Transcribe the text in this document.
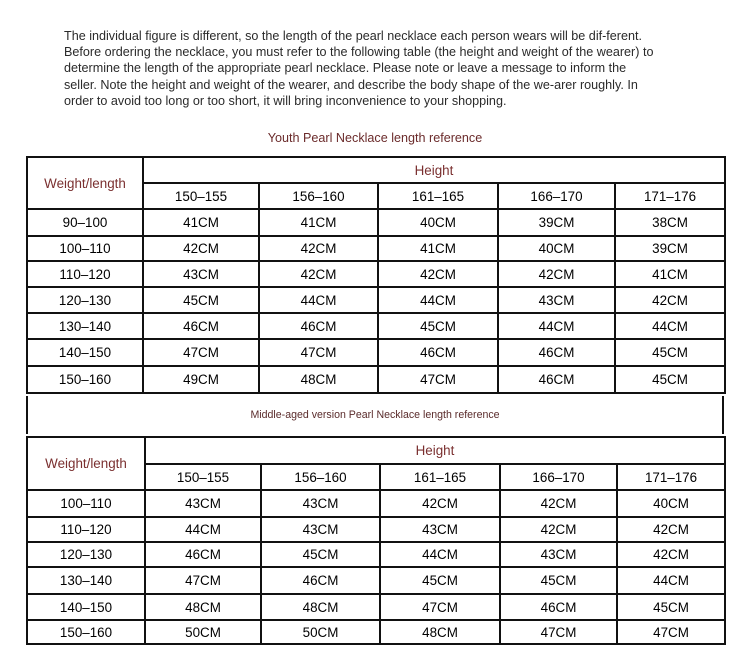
The individual figure is different, so the length of the pearl necklace each person wears will be dif-ferent. Before ordering the necklace, you must refer to the following table (the height and weight of the wearer) to determine the length of the appropriate pearl necklace. Please note or leave a message to inform the seller. Note the height and weight of the wearer, and describe the body shape of the we-arer roughly. In order to avoid too long or too short, it will bring inconvenience to your shopping.

Youth Pearl Necklace length reference
Weight/length	Height				
	150–155	156–160	161–165	166–170	171–176
90–100	41CM	41CM	40CM	39CM	38CM
100–110	42CM	42CM	41CM	40CM	39CM
110–120	43CM	42CM	42CM	42CM	41CM
120–130	45CM	44CM	44CM	43CM	42CM
130–140	46CM	46CM	45CM	44CM	44CM
140–150	47CM	47CM	46CM	46CM	45CM
150–160	49CM	48CM	47CM	46CM	45CM
Middle-aged version Pearl Necklace length reference
Weight/length	Height				
	150–155	156–160	161–165	166–170	171–176
100–110	43CM	43CM	42CM	42CM	40CM
110–120	44CM	43CM	43CM	42CM	42CM
120–130	46CM	45CM	44CM	43CM	42CM
130–140	47CM	46CM	45CM	45CM	44CM
140–150	48CM	48CM	47CM	46CM	45CM
150–160	50CM	50CM	48CM	47CM	47CM
